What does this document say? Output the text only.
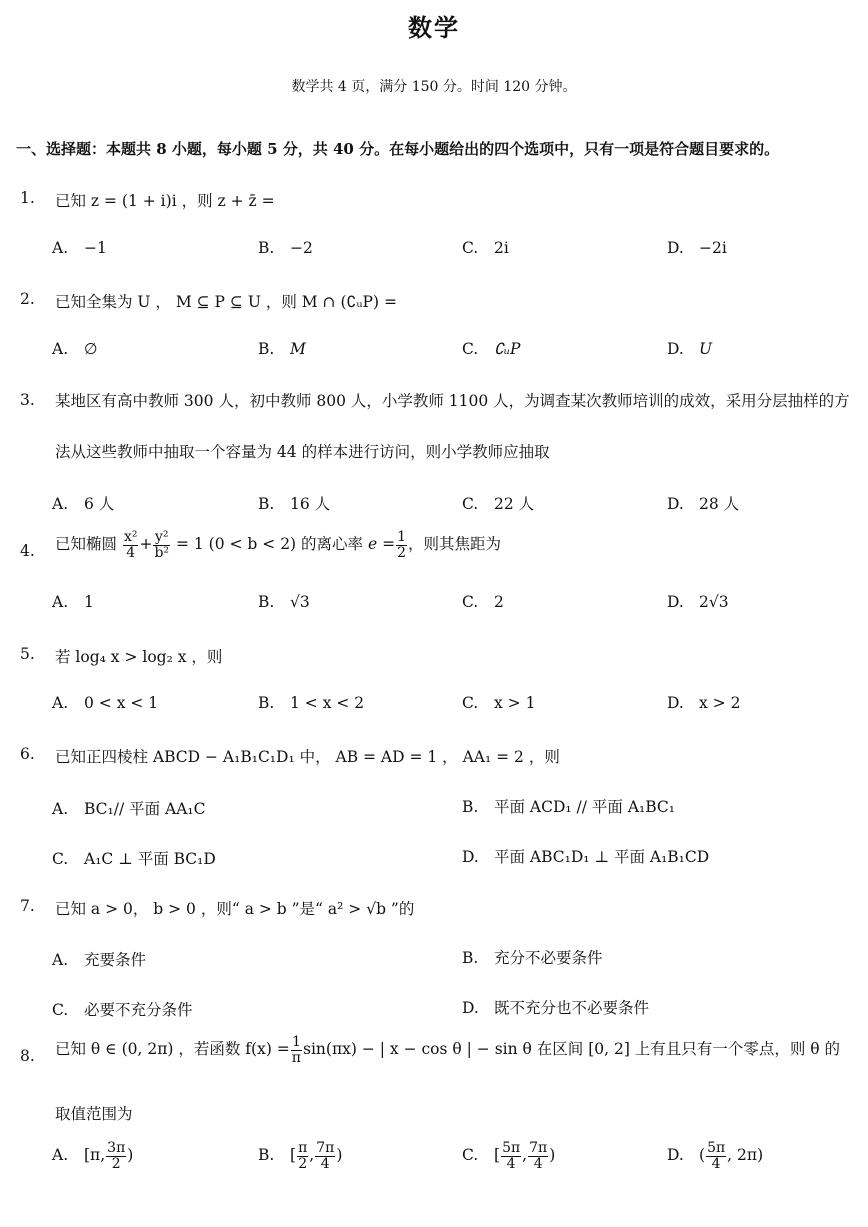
数学
数学共 4 页，满分 150 分。时间 120 分钟。
一、选择题：本题共 8 小题，每小题 5 分，共 40 分。在每小题给出的四个选项中，只有一项是符合题目要求的。
1. 已知 z = (1 + i)i ，则 z + z̄ =
A. −1	B. −2	C. 2i	D. −2i
2. 已知全集为 U ， M ⊆ P ⊆ U ，则 M ∩ (∁ᵤP) =
A. ∅	B. M	C. ∁ᵤP	D. U
3. 某地区有高中教师 300 人，初中教师 800 人，小学教师 1100 人，为调查某次教师培训的成效，采用分层抽样的方法从这些教师中抽取一个容量为 44 的样本进行访问，则小学教师应抽取
A. 6 人	B. 16 人	C. 22 人	D. 28 人
4. 已知椭圆 $\frac{\text{x²}}{4} + \frac{\text{y²}}{\text{b²}} = 1$ (0 < b < 2) 的离心率 $e = \frac{1}{2}$ ，则其焦距为
A. 1	B. √3	C. 2	D. 2√3
5. 若 log₄ x > log₂ x ，则
A. 0 < x < 1	B. 1 < x < 2	C. x > 1	D. x > 2
6. 已知正四棱柱 ABCD − A₁B₁C₁D₁ 中， AB = AD = 1 ， AA₁ = 2 ，则
A. BC₁// 平面 AA₁C	B. 平面 ACD₁ // 平面 A₁BC₁
C. A₁C ⊥ 平面 BC₁D	D. 平面 ABC₁D₁ ⊥ 平面 A₁B₁CD
7. 已知 a > 0， b > 0 ，则“ a > b ”是“ a² > √b ”的
A. 充要条件	B. 充分不必要条件
C. 必要不充分条件	D. 既不充分也不必要条件
8. 已知 θ ∈ (0, 2π) ，若函数 $f(x) = \frac{1}{\pi} \sin(\pi x)$ − | x − cos θ | − sin θ 在区间 [0, 2] 上有且只有一个零点，则 θ 的
取值范围为
A. [π, $\frac{3\pi}{2}$ )	B. [ $\frac{\pi}{2}$ , $\frac{7\pi}{4}$ )	C. [ $\frac{5\pi}{4}$ , $\frac{7\pi}{4}$ )	D. ( $\frac{5\pi}{4}$ , 2π)
